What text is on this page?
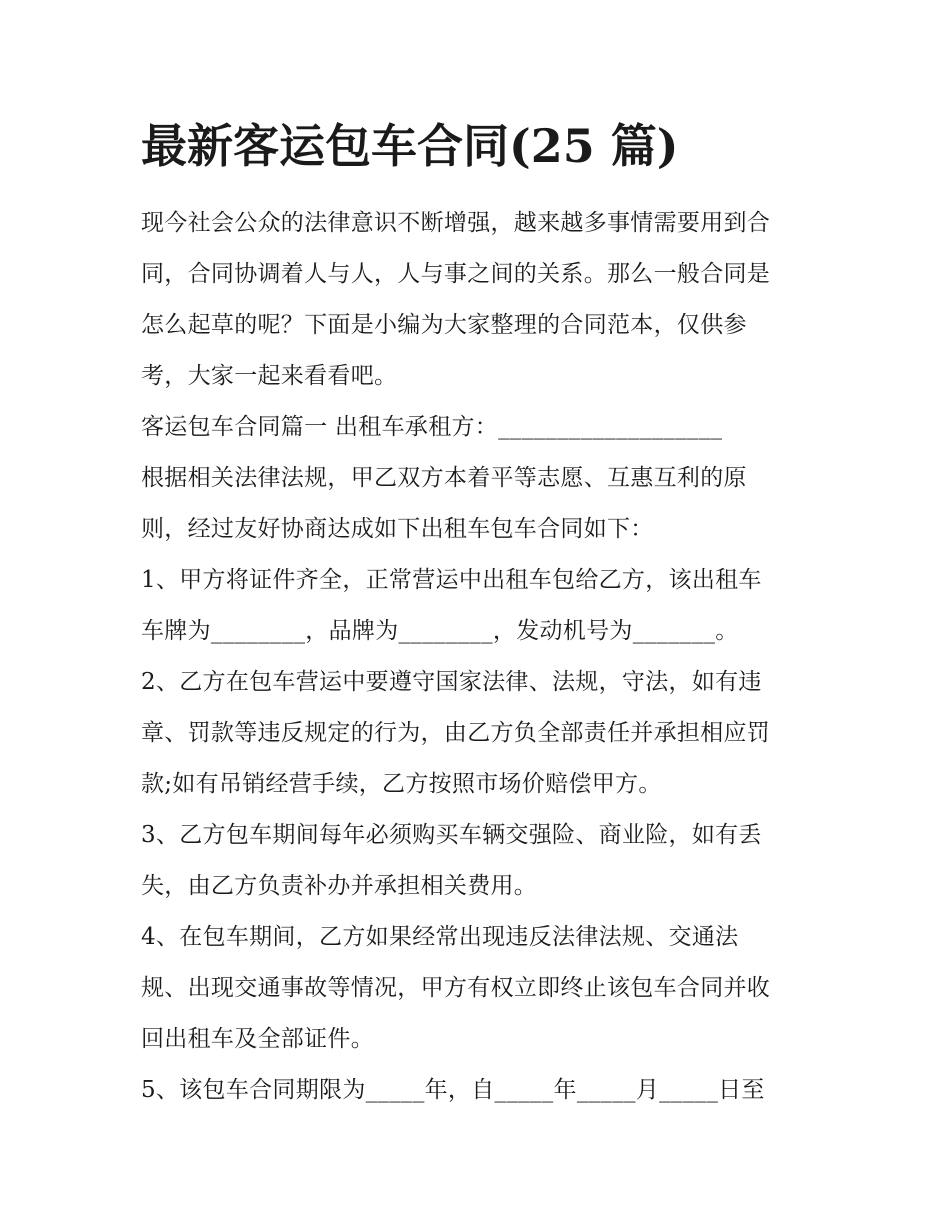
最新客运包车合同(25 篇)

现今社会公众的法律意识不断增强，越来越多事情需要用到合

同，合同协调着人与人，人与事之间的关系。那么一般合同是

怎么起草的呢？下面是小编为大家整理的合同范本，仅供参

考，大家一起来看看吧。

客运包车合同篇一 出租车承租方：___________________

根据相关法律法规，甲乙双方本着平等志愿、互惠互利的原

则，经过友好协商达成如下出租车包车合同如下：

1、甲方将证件齐全，正常营运中出租车包给乙方，该出租车

车牌为________，品牌为________，发动机号为_______。

2、乙方在包车营运中要遵守国家法律、法规，守法，如有违

章、罚款等违反规定的行为，由乙方负全部责任并承担相应罚

款;如有吊销经营手续，乙方按照市场价赔偿甲方。

3、乙方包车期间每年必须购买车辆交强险、商业险，如有丢

失，由乙方负责补办并承担相关费用。

4、在包车期间，乙方如果经常出现违反法律法规、交通法

规、出现交通事故等情况，甲方有权立即终止该包车合同并收

回出租车及全部证件。

5、该包车合同期限为_____年，自_____年_____月_____日至
